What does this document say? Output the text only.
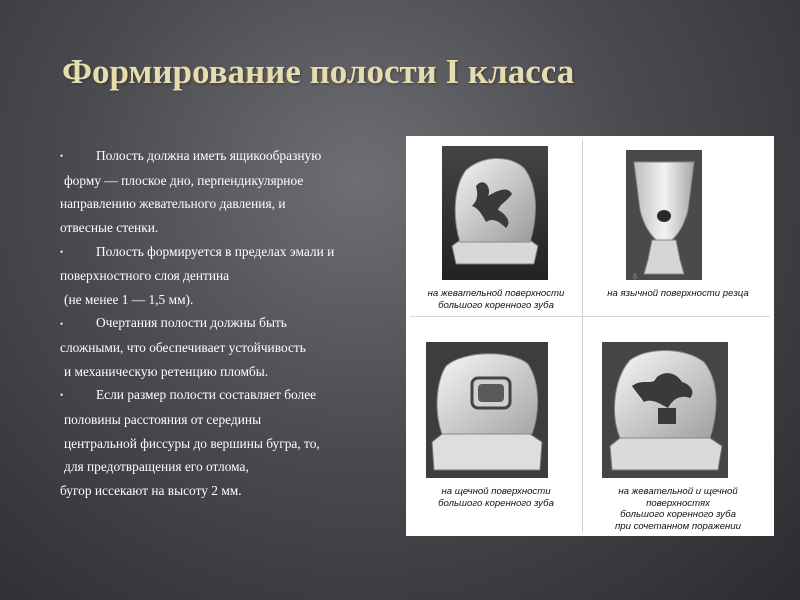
Формирование полости I класса
• Полость должна иметь ящикообразную
форму — плоское дно, перпендикулярное
направлению жевательного давления, и
отвесные стенки.
• Полость формируется в пределах эмали и
поверхностного слоя дентина
(не менее 1 — 1,5 мм).
• Очертания полости должны быть
сложными, что обеспечивает устойчивость
и механическую ретенцию пломбы.
• Если размер полости составляет более
половины расстояния от середины
центральной фиссуры до вершины бугра, то,
для предотвращения его отлома,
бугор иссекают на высоту 2 мм.
на жевательной поверхности
большого коренного зуба
на язычной поверхности резца
на щечной поверхности
большого коренного зуба
на жевательной и щечной
поверхностях
большого коренного зуба
при сочетанном поражении
б
